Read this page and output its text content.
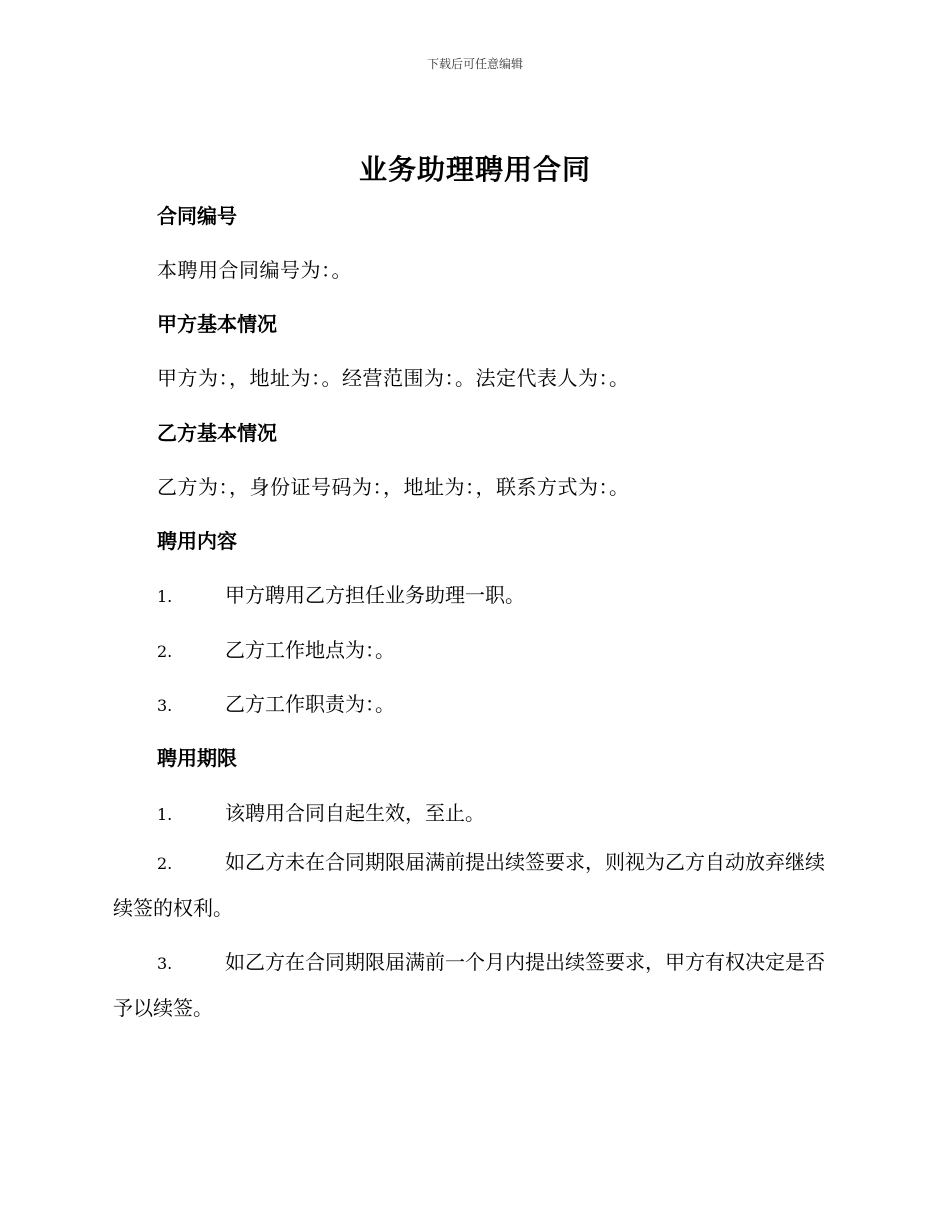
下载后可任意编辑
业务助理聘用合同
合同编号
本聘用合同编号为：。
甲方基本情况
甲方为：，地址为：。经营范围为：。法定代表人为：。
乙方基本情况
乙方为：，身份证号码为：，地址为：，联系方式为：。
聘用内容
1.	甲方聘用乙方担任业务助理一职。
2.	乙方工作地点为：。
3.	乙方工作职责为：。
聘用期限
1.	该聘用合同自起生效，至止。
2.	如乙方未在合同期限届满前提出续签要求，则视为乙方自动放弃继续续签的权利。
3.	如乙方在合同期限届满前一个月内提出续签要求，甲方有权决定是否予以续签。
